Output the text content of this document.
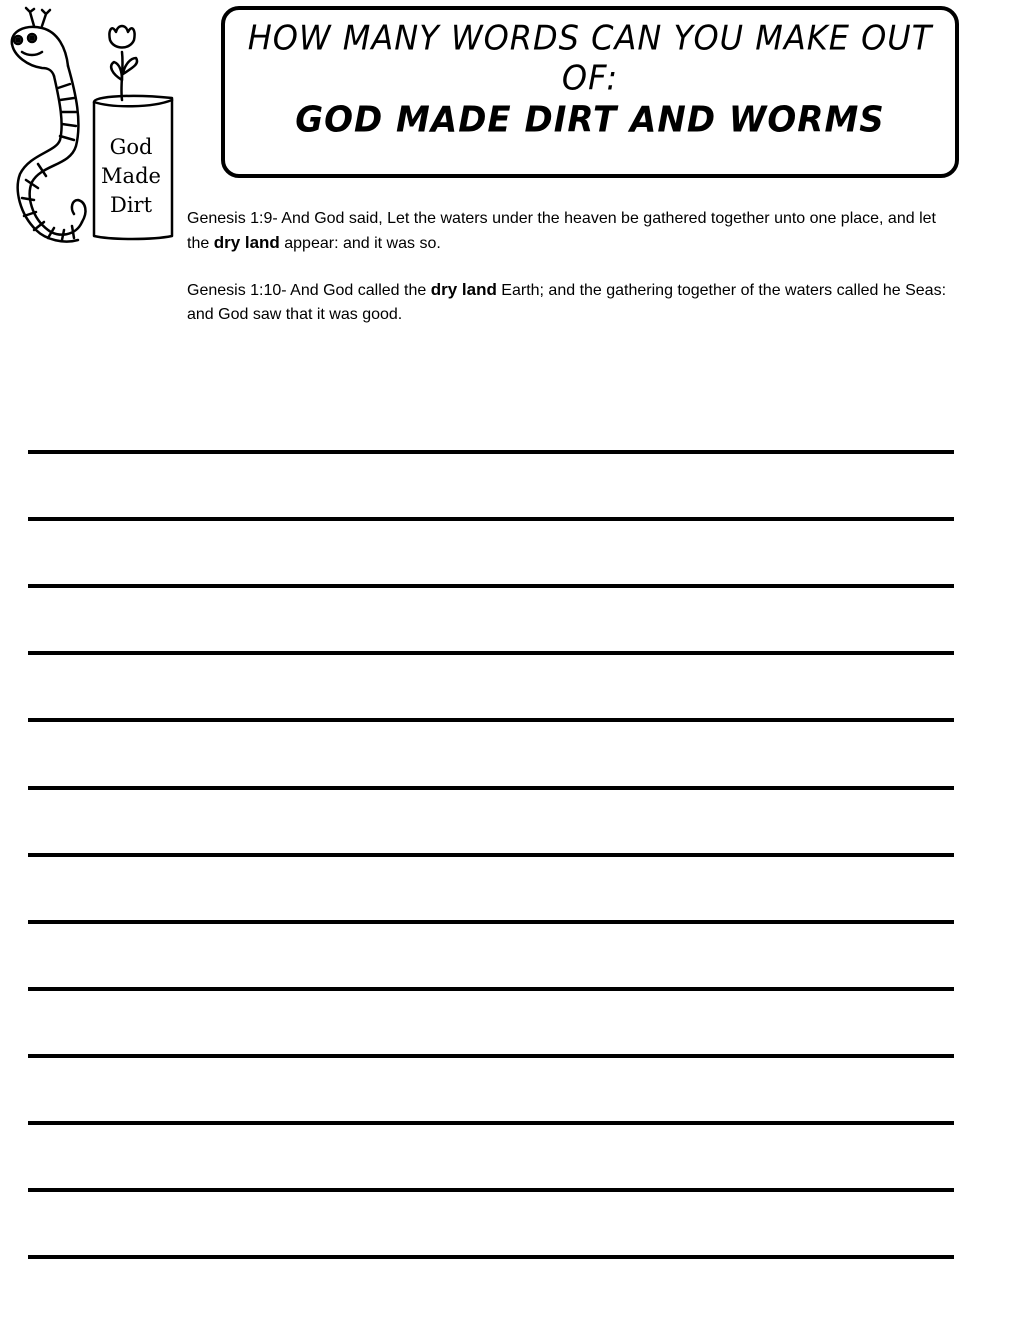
God
Made
Dirt
HOW MANY WORDS CAN YOU MAKE OUT OF:
GOD MADE DIRT AND WORMS
Genesis 1:9- And God said, Let the waters under the heaven be gathered together unto one place, and let the dry land appear: and it was so.
Genesis 1:10- And God called the dry land Earth; and the gathering together of the waters called he Seas: and God saw that it was good.
